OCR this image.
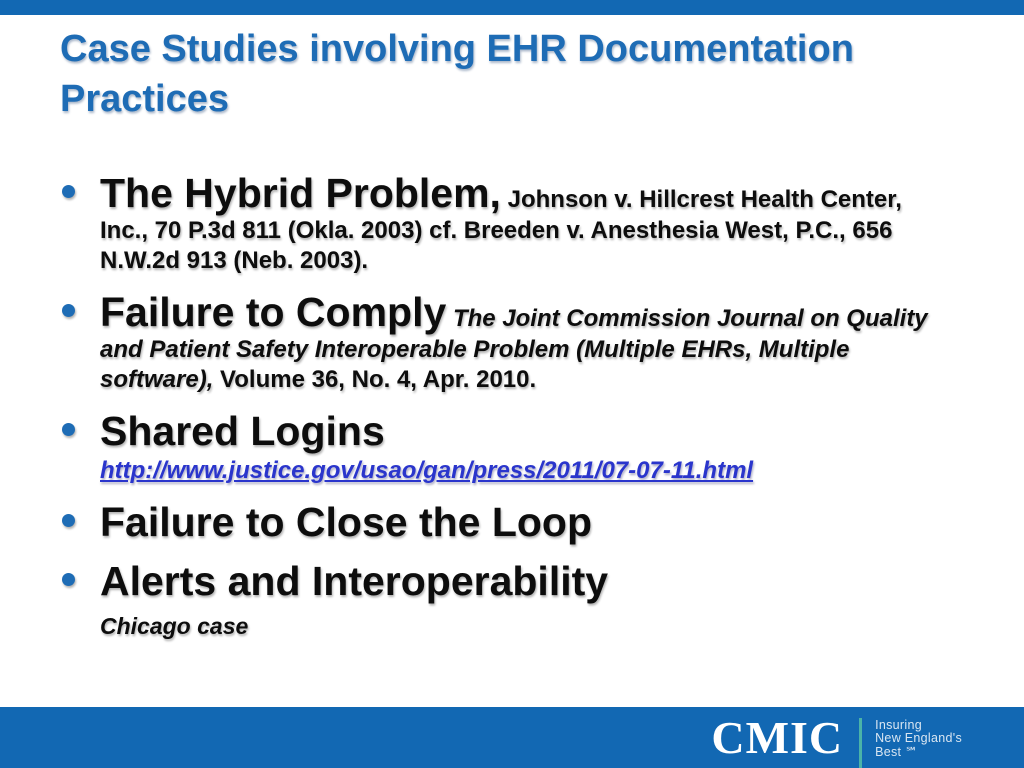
Case Studies involving EHR Documentation
Practices
The Hybrid Problem, Johnson v. Hillcrest Health Center, Inc., 70 P.3d 811 (Okla. 2003) cf. Breeden v. Anesthesia West, P.C., 656 N.W.2d 913 (Neb. 2003).
Failure to Comply The Joint Commission Journal on Quality and Patient Safety Interoperable Problem (Multiple EHRs, Multiple software), Volume 36, No. 4, Apr. 2010.
Shared Logins
http://www.justice.gov/usao/gan/press/2011/07-07-11.html
Failure to Close the Loop
Alerts and Interoperability
Chicago case
CMIC	Insuring
New England's
Best ℠
